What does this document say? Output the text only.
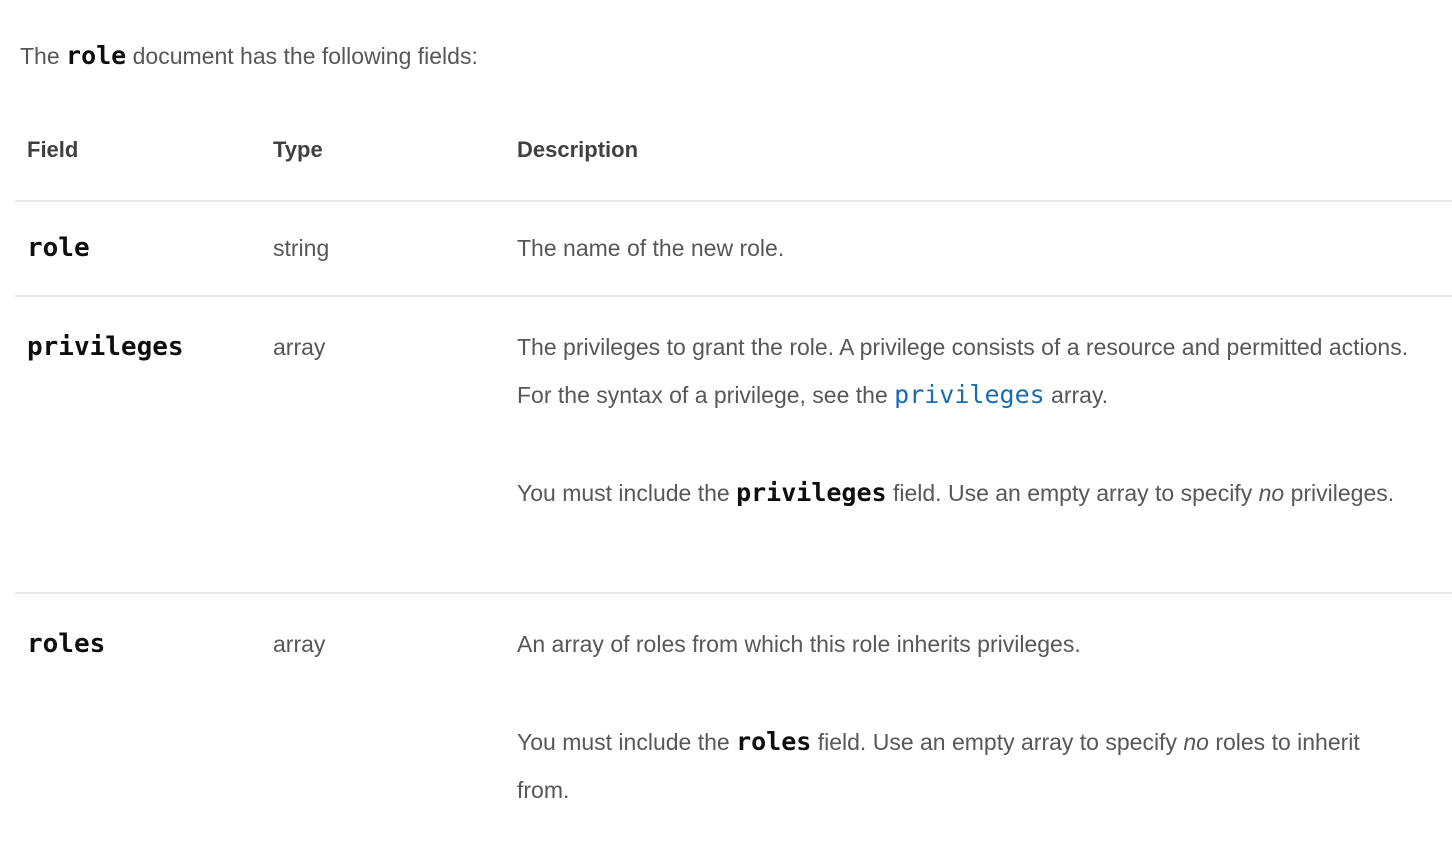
The role document has the following fields:

Field	Type	Description
role	string	The name of the new role.

privileges	array	The privileges to grant the role. A privilege consists of a resource and permitted actions. For the syntax of a privilege, see the privileges array.

You must include the privileges field. Use an empty array to specify no privileges.

roles	array	An array of roles from which this role inherits privileges.

You must include the roles field. Use an empty array to specify no roles to inherit from.
